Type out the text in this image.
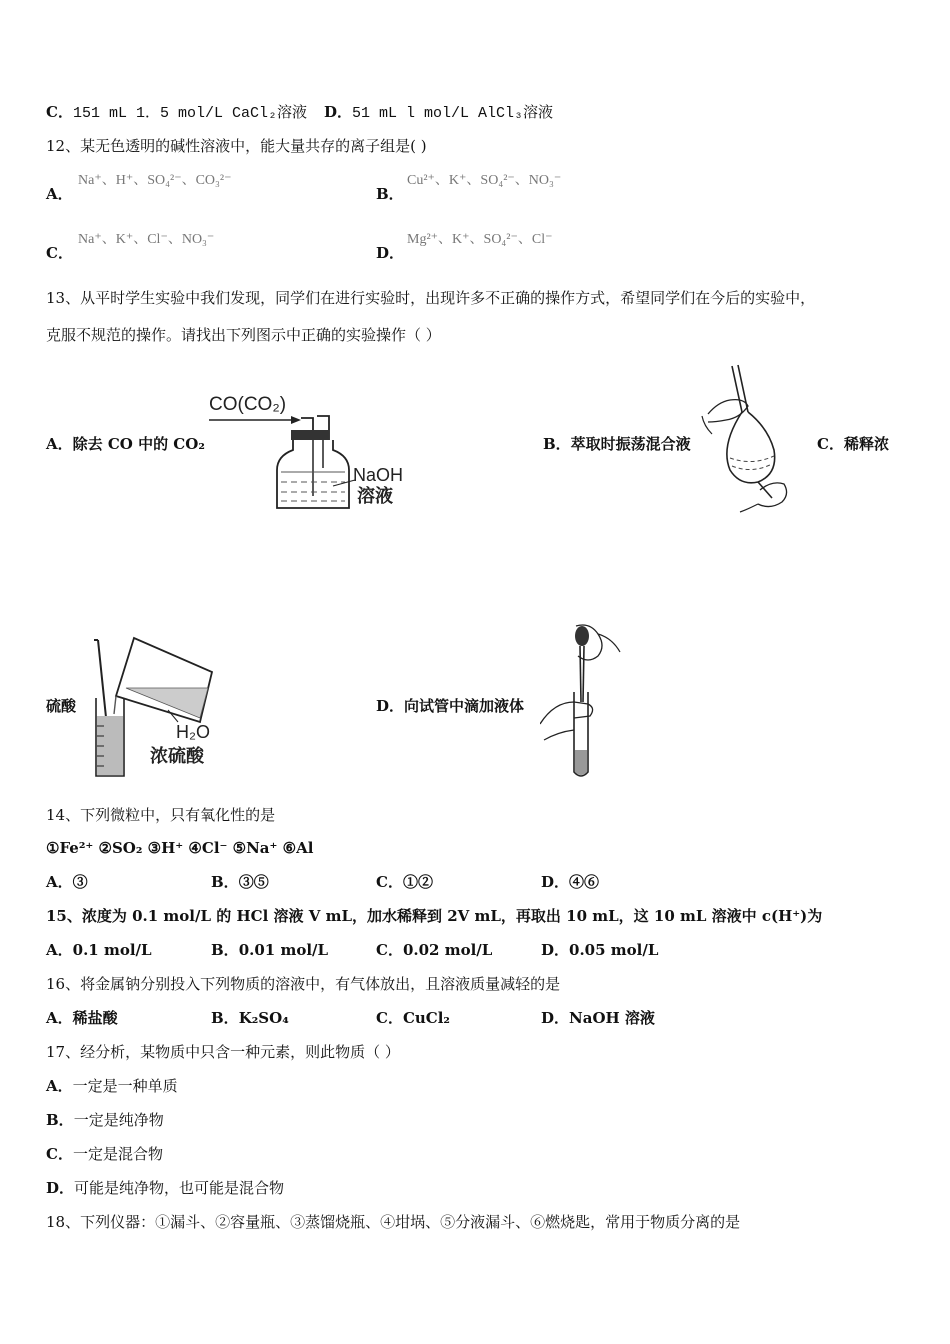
C．151 mL 1．5 mol/L CaCl₂溶液 D．51 mL l mol/L AlCl₃溶液
12、某无色透明的碱性溶液中，能大量共存的离子组是( )
A．
Na⁺、H⁺、SO₄²⁻、CO₃²⁻
B．
Cu²⁺、K⁺、SO₄²⁻、NO₃⁻
C．
Na⁺、K⁺、Cl⁻、NO₃⁻
D．
Mg²⁺、K⁺、SO₄²⁻、Cl⁻
13、从平时学生实验中我们发现，同学们在进行实验时，出现许多不正确的操作方式，希望同学们在今后的实验中，
克服不规范的操作。请找出下列图示中正确的实验操作（ ）
A．除去 CO 中的 CO₂
CO(CO₂)
NaOH
溶液
B．萃取时振荡混合液	C．稀释浓
硫酸
H₂O
浓硫酸
D．向试管中滴加液体
14、下列微粒中，只有氧化性的是
①Fe²⁺ ②SO₂ ③H⁺ ④Cl⁻ ⑤Na⁺ ⑥Al
A．③	B．③⑤	C．①②	D．④⑥
15、浓度为 0.1 mol/L 的 HCl 溶液 V mL，加水稀释到 2V mL，再取出 10 mL，这 10 mL 溶液中 c(H⁺)为
A．0.1 mol/L	B．0.01 mol/L	C．0.02 mol/L	D．0.05 mol/L
16、将金属钠分别投入下列物质的溶液中，有气体放出，且溶液质量减轻的是
A．稀盐酸	B．K₂SO₄	C．CuCl₂	D．NaOH 溶液
17、经分析，某物质中只含一种元素，则此物质（ ）
A．一定是一种单质
B．一定是纯净物
C．一定是混合物
D．可能是纯净物，也可能是混合物
18、下列仪器：①漏斗、②容量瓶、③蒸馏烧瓶、④坩埚、⑤分液漏斗、⑥燃烧匙，常用于物质分离的是
